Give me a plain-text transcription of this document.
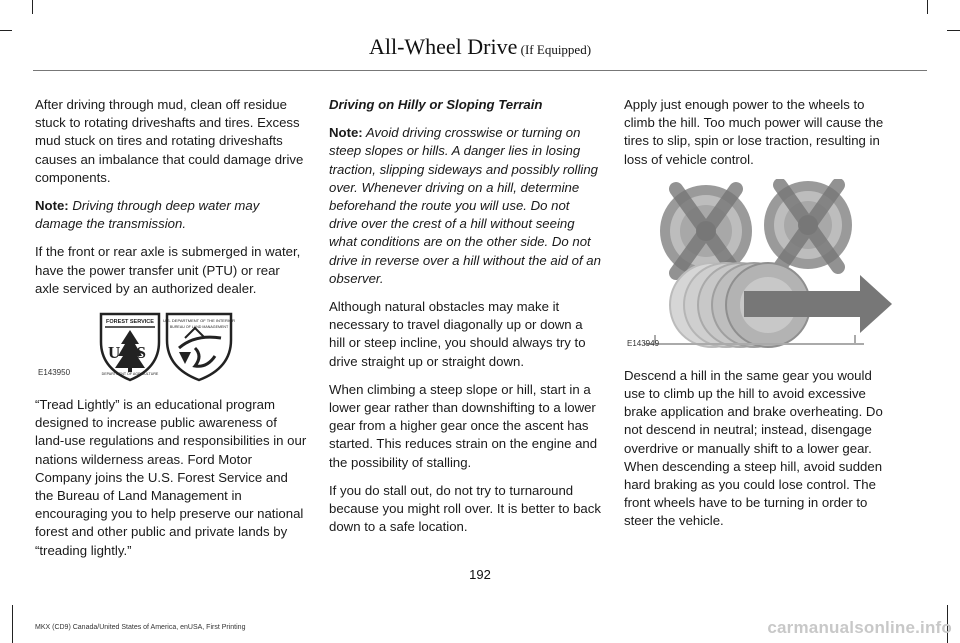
All-Wheel Drive (If Equipped)

After driving through mud, clean off residue stuck to rotating driveshafts and tires. Excess mud stuck on tires and rotating driveshafts causes an imbalance that could damage drive components.

Note: Driving through deep water may damage the transmission.

If the front or rear axle is submerged in water, have the power transfer unit (PTU) or rear axle serviced by an authorized dealer.

FOREST SERVICE
U S
DEPARTMENT OF AGRICULTURE
U.S. DEPARTMENT OF THE INTERIOR
BUREAU OF LAND MANAGEMENT
E143950

“Tread Lightly” is an educational program designed to increase public awareness of land-use regulations and responsibilities in our nations wilderness areas. Ford Motor Company joins the U.S. Forest Service and the Bureau of Land Management in encouraging you to help preserve our national forest and other public and private lands by “treading lightly.”

Driving on Hilly or Sloping Terrain

Note: Avoid driving crosswise or turning on steep slopes or hills. A danger lies in losing traction, slipping sideways and possibly rolling over. Whenever driving on a hill, determine beforehand the route you will use. Do not drive over the crest of a hill without seeing what conditions are on the other side. Do not drive in reverse over a hill without the aid of an observer.

Although natural obstacles may make it necessary to travel diagonally up or down a hill or steep incline, you should always try to drive straight up or straight down.

When climbing a steep slope or hill, start in a lower gear rather than downshifting to a lower gear from a higher gear once the ascent has started. This reduces strain on the engine and the possibility of stalling.

If you do stall out, do not try to turnaround because you might roll over. It is better to back down to a safe location.

Apply just enough power to the wheels to climb the hill. Too much power will cause the tires to slip, spin or lose traction, resulting in loss of vehicle control.

E143949

Descend a hill in the same gear you would use to climb up the hill to avoid excessive brake application and brake overheating. Do not descend in neutral; instead, disengage overdrive or manually shift to a lower gear. When descending a steep hill, avoid sudden hard braking as you could lose control. The front wheels have to be turning in order to steer the vehicle.

192
MKX (CD9) Canada/United States of America, enUSA, First Printing	carmanualsonline.info
